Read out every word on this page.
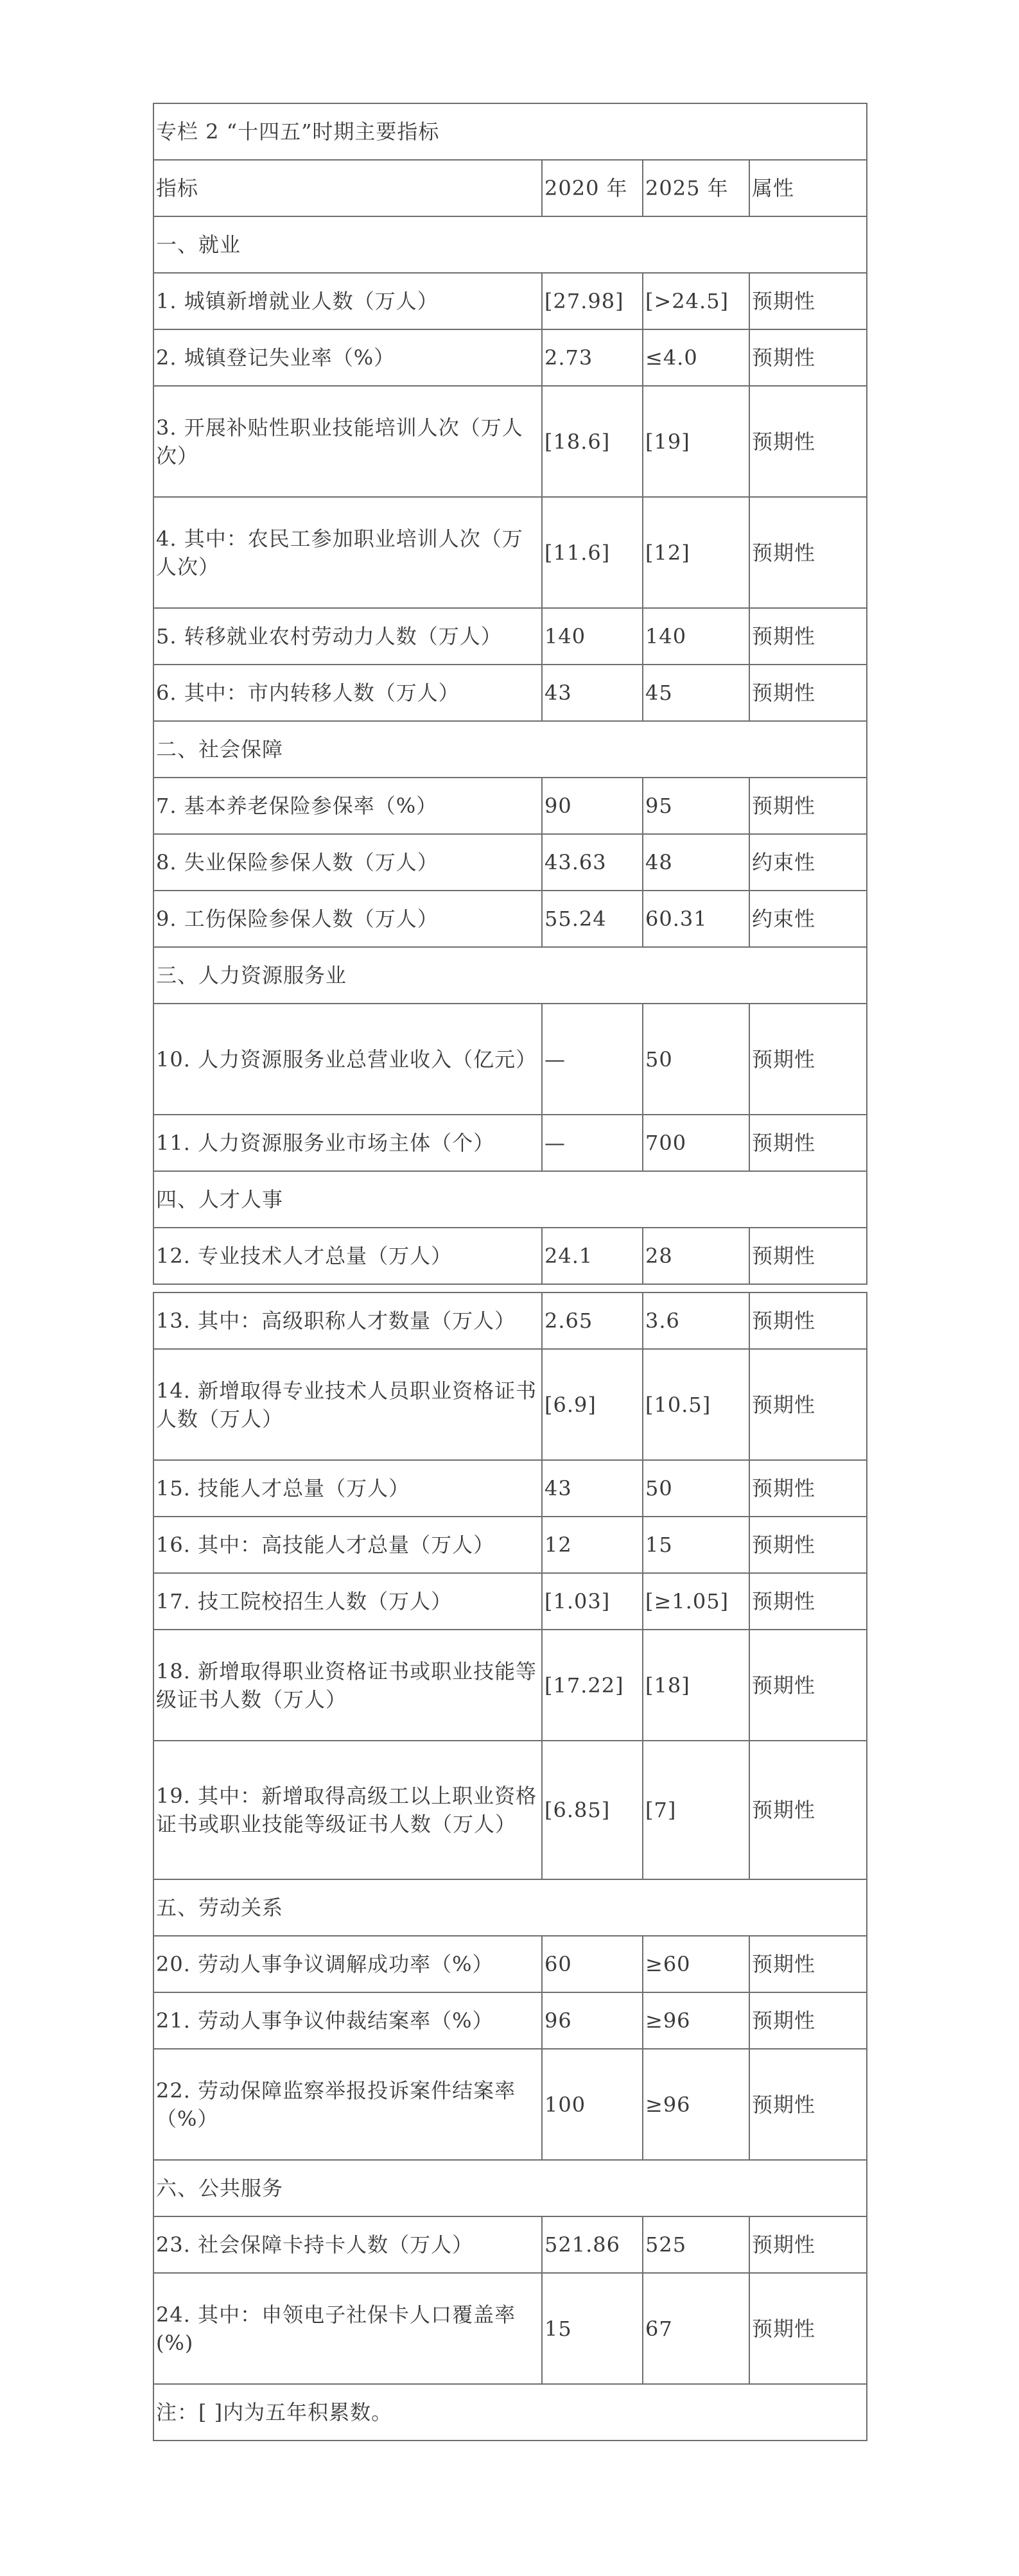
专栏 2 “十四五”时期主要指标			
指标	2020 年	2025 年	属性
一、就业			
1. 城镇新增就业人数（万人）	[27.98]	[>24.5]	预期性
2. 城镇登记失业率（%）	2.73	≤4.0	预期性
3. 开展补贴性职业技能培训人次（万人次）	[18.6]	[19]	预期性
4. 其中：农民工参加职业培训人次（万人次）	[11.6]	[12]	预期性
5. 转移就业农村劳动力人数（万人）	140	140	预期性
6. 其中：市内转移人数（万人）	43	45	预期性
二、社会保障			
7. 基本养老保险参保率（%）	90	95	预期性
8. 失业保险参保人数（万人）	43.63	48	约束性
9. 工伤保险参保人数（万人）	55.24	60.31	约束性
三、人力资源服务业			
10. 人力资源服务业总营业收入（亿元）	—	50	预期性
11. 人力资源服务业市场主体（个）	—	700	预期性
四、人才人事			
12. 专业技术人才总量（万人）	24.1	28	预期性
13. 其中：高级职称人才数量（万人）	2.65	3.6	预期性
14. 新增取得专业技术人员职业资格证书人数（万人）	[6.9]	[10.5]	预期性
15. 技能人才总量（万人）	43	50	预期性
16. 其中：高技能人才总量（万人）	12	15	预期性
17. 技工院校招生人数（万人）	[1.03]	[≥1.05]	预期性
18. 新增取得职业资格证书或职业技能等级证书人数（万人）	[17.22]	[18]	预期性
19. 其中：新增取得高级工以上职业资格证书或职业技能等级证书人数（万人）	[6.85]	[7]	预期性
五、劳动关系			
20. 劳动人事争议调解成功率（%）	60	≥60	预期性
21. 劳动人事争议仲裁结案率（%）	96	≥96	预期性
22. 劳动保障监察举报投诉案件结案率（%）	100	≥96	预期性
六、公共服务			
23. 社会保障卡持卡人数（万人）	521.86	525	预期性
24. 其中：申领电子社保卡人口覆盖率(%)	15	67	预期性
注：[ ]内为五年积累数。			
